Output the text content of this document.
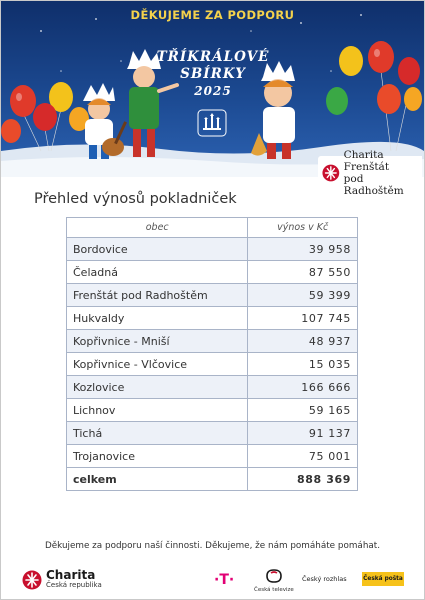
DĚKUJEME ZA PODPORU
TŘÍKRÁLOVÉ
SBÍRKY
2025
Charita Frenštát
pod Radhoštěm
Přehled výnosů pokladniček
obec	výnos v Kč
Bordovice	39 958
Čeladná	87 550
Frenštát pod Radhoštěm	59 399
Hukvaldy	107 745
Kopřivnice - Mniší	48 937
Kopřivnice - Vlčovice	15 035
Kozlovice	166 666
Lichnov	59 165
Tichá	91 137
Trojanovice	75 001
celkem	888 369
Děkujeme za podporu naší činnosti. Děkujeme, že nám pomáháte pomáhat.
Charita
Česká republika	·T·
Česká televize
Český rozhlas	Česká pošta
